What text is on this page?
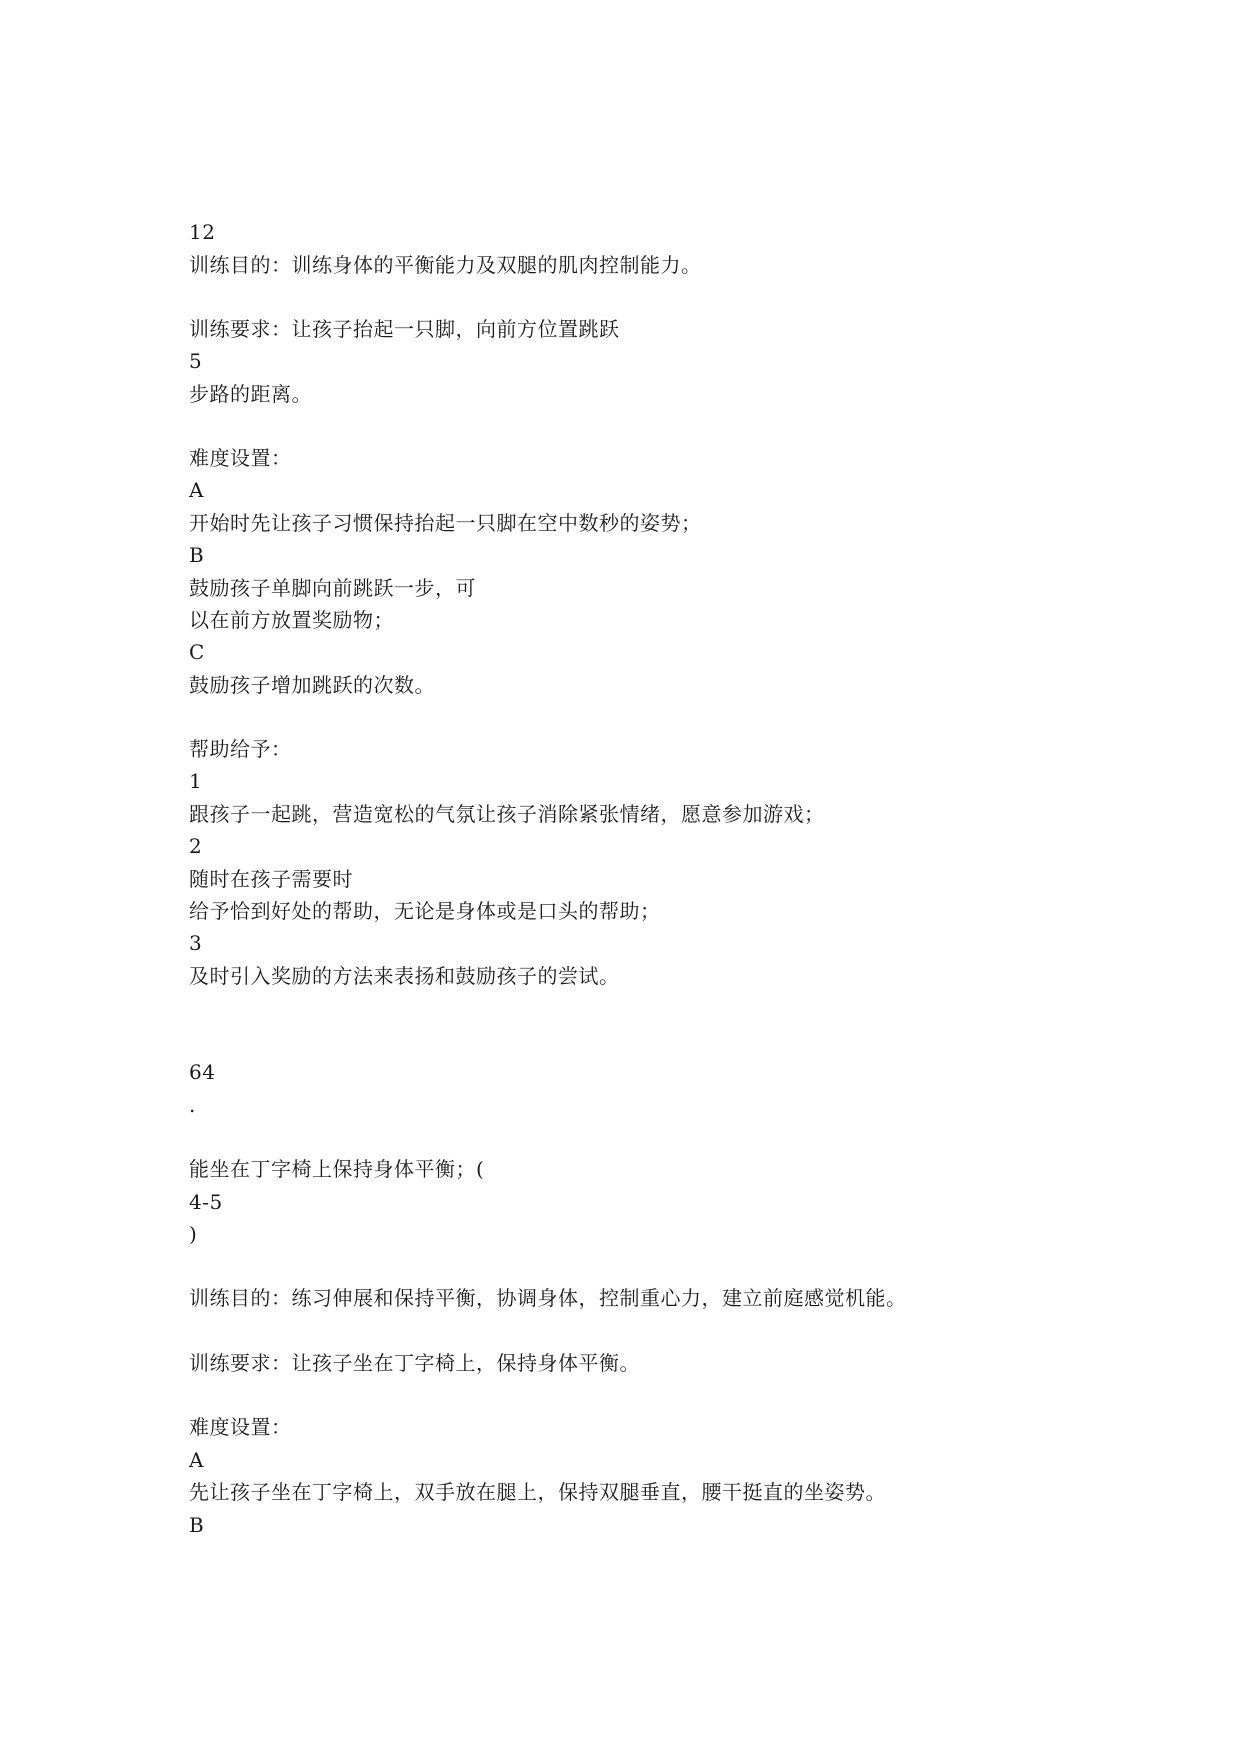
12
训练目的：训练身体的平衡能力及双腿的肌肉控制能力。
训练要求：让孩子抬起一只脚，向前方位置跳跃
5
步路的距离。
难度设置：
A
开始时先让孩子习惯保持抬起一只脚在空中数秒的姿势；
B
鼓励孩子单脚向前跳跃一步，可
以在前方放置奖励物；
C
鼓励孩子增加跳跃的次数。
帮助给予：
1
跟孩子一起跳，营造宽松的气氛让孩子消除紧张情绪，愿意参加游戏；
2
随时在孩子需要时
给予恰到好处的帮助，无论是身体或是口头的帮助；
3
及时引入奖励的方法来表扬和鼓励孩子的尝试。
64
.
能坐在丁字椅上保持身体平衡；(
4-5
)
训练目的：练习伸展和保持平衡，协调身体，控制重心力，建立前庭感觉机能。
训练要求：让孩子坐在丁字椅上，保持身体平衡。
难度设置：
A
先让孩子坐在丁字椅上，双手放在腿上，保持双腿垂直，腰干挺直的坐姿势。
B
